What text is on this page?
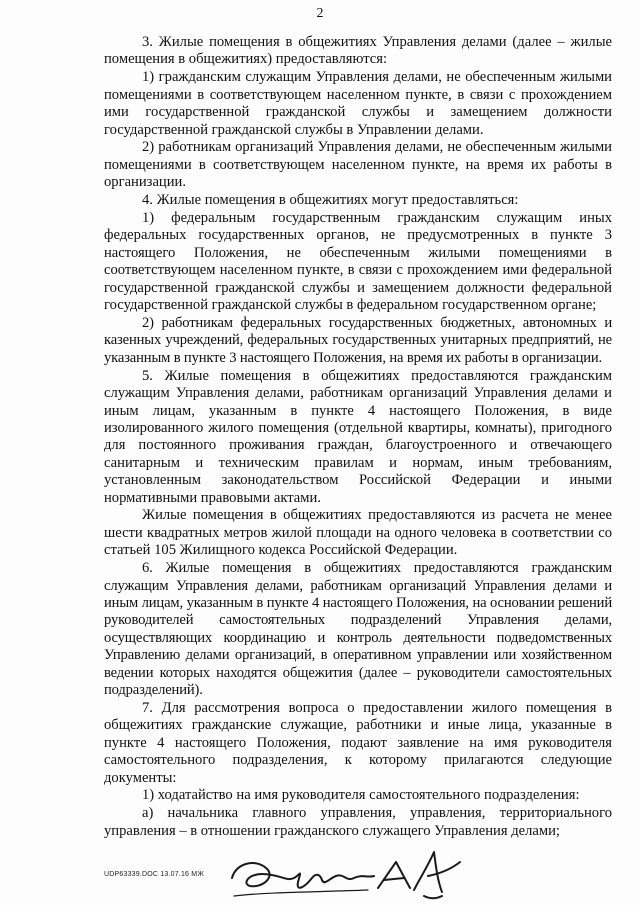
2

3. Жилые помещения в общежитиях Управления делами (далее – жилые помещения в общежитиях) предоставляются:

1) гражданским служащим Управления делами, не обеспеченным жилыми помещениями в соответствующем населенном пункте, в связи с прохождением ими государственной гражданской службы и замещением должности государственной гражданской службы в Управлении делами.

2) работникам организаций Управления делами, не обеспеченным жилыми помещениями в соответствующем населенном пункте, на время их работы в организации.

4. Жилые помещения в общежитиях могут предоставляться:

1) федеральным государственным гражданским служащим иных федеральных государственных органов, не предусмотренных в пункте 3 настоящего Положения, не обеспеченным жилыми помещениями в соответствующем населенном пункте, в связи с прохождением ими федеральной государственной гражданской службы и замещением должности федеральной государственной гражданской службы в федеральном государственном органе;

2) работникам федеральных государственных бюджетных, автономных и казенных учреждений, федеральных государственных унитарных предприятий, не указанным в пункте 3 настоящего Положения, на время их работы в организации.

5. Жилые помещения в общежитиях предоставляются гражданским служащим Управления делами, работникам организаций Управления делами и иным лицам, указанным в пункте 4 настоящего Положения, в виде изолированного жилого помещения (отдельной квартиры, комнаты), пригодного для постоянного проживания граждан, благоустроенного и отвечающего санитарным и техническим правилам и нормам, иным требованиям, установленным законодательством Российской Федерации и иными нормативными правовыми актами.

Жилые помещения в общежитиях предоставляются из расчета не менее шести квадратных метров жилой площади на одного человека в соответствии со статьей 105 Жилищного кодекса Российской Федерации.

6. Жилые помещения в общежитиях предоставляются гражданским служащим Управления делами, работникам организаций Управления делами и иным лицам, указанным в пункте 4 настоящего Положения, на основании решений руководителей самостоятельных подразделений Управления делами, осуществляющих координацию и контроль деятельности подведомственных Управлению делами организаций, в оперативном управлении или хозяйственном ведении которых находятся общежития (далее – руководители самостоятельных подразделений).

7. Для рассмотрения вопроса о предоставлении жилого помещения в общежитиях гражданские служащие, работники и иные лица, указанные в пункте 4 настоящего Положения, подают заявление на имя руководителя самостоятельного подразделения, к которому прилагаются следующие документы:

1) ходатайство на имя руководителя самостоятельного подразделения:

а) начальника главного управления, управления, территориального управления – в отношении гражданского служащего Управления делами;

UDP63339.DOC 13.07.16 МЖ
